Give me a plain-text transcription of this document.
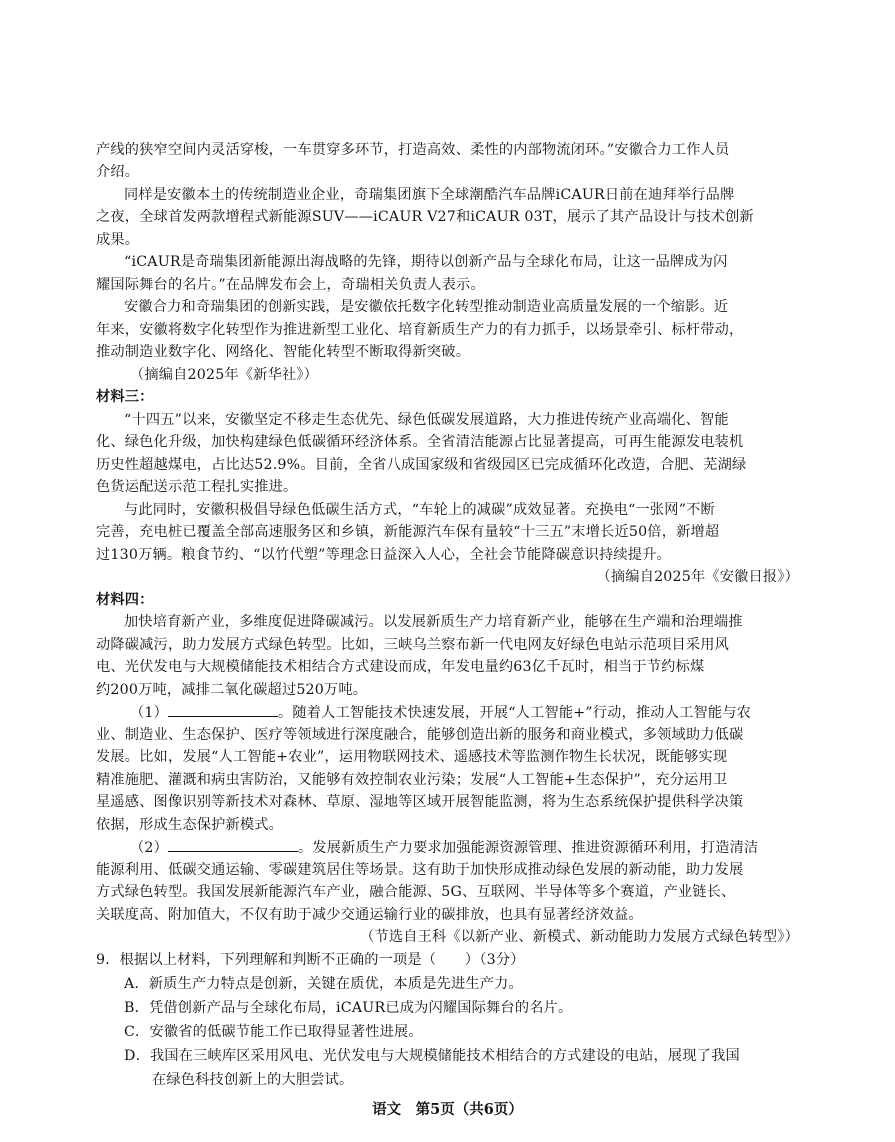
产线的狭窄空间内灵活穿梭，一车贯穿多环节，打造高效、柔性的内部物流闭环。”安徽合力工作人员
介绍。
同样是安徽本土的传统制造业企业，奇瑞集团旗下全球潮酷汽车品牌iCAUR日前在迪拜举行品牌
之夜，全球首发两款增程式新能源SUV——iCAUR V27和iCAUR 03T，展示了其产品设计与技术创新
成果。
“iCAUR是奇瑞集团新能源出海战略的先锋，期待以创新产品与全球化布局，让这一品牌成为闪
耀国际舞台的名片。”在品牌发布会上，奇瑞相关负责人表示。
安徽合力和奇瑞集团的创新实践，是安徽依托数字化转型推动制造业高质量发展的一个缩影。近
年来，安徽将数字化转型作为推进新型工业化、培育新质生产力的有力抓手，以场景牵引、标杆带动，
推动制造业数字化、网络化、智能化转型不断取得新突破。
（摘编自2025年《新华社》）
材料三：
“十四五”以来，安徽坚定不移走生态优先、绿色低碳发展道路，大力推进传统产业高端化、智能
化、绿色化升级，加快构建绿色低碳循环经济体系。全省清洁能源占比显著提高，可再生能源发电装机
历史性超越煤电，占比达52.9%。目前，全省八成国家级和省级园区已完成循环化改造，合肥、芜湖绿
色货运配送示范工程扎实推进。
与此同时，安徽积极倡导绿色低碳生活方式，“车轮上的减碳”成效显著。充换电“一张网”不断
完善，充电桩已覆盖全部高速服务区和乡镇，新能源汽车保有量较“十三五”末增长近50倍，新增超
过130万辆。粮食节约、“以竹代塑”等理念日益深入人心，全社会节能降碳意识持续提升。
（摘编自2025年《安徽日报》）
材料四：
加快培育新产业，多维度促进降碳减污。以发展新质生产力培育新产业，能够在生产端和治理端推
动降碳减污，助力发展方式绿色转型。比如，三峡乌兰察布新一代电网友好绿色电站示范项目采用风
电、光伏发电与大规模储能技术相结合方式建设而成，年发电量约63亿千瓦时，相当于节约标煤
约200万吨，减排二氧化碳超过520万吨。
（1）	。随着人工智能技术快速发展，开展“人工智能+”行动，推动人工智能与农
业、制造业、生态保护、医疗等领域进行深度融合，能够创造出新的服务和商业模式，多领域助力低碳
发展。比如，发展“人工智能+农业”，运用物联网技术、遥感技术等监测作物生长状况，既能够实现
精准施肥、灌溉和病虫害防治，又能够有效控制农业污染；发展“人工智能+生态保护”，充分运用卫
星遥感、图像识别等新技术对森林、草原、湿地等区域开展智能监测，将为生态系统保护提供科学决策
依据，形成生态保护新模式。
（2）	。发展新质生产力要求加强能源资源管理、推进资源循环利用，打造清洁
能源利用、低碳交通运输、零碳建筑居住等场景。这有助于加快形成推动绿色发展的新动能，助力发展
方式绿色转型。我国发展新能源汽车产业，融合能源、5G、互联网、半导体等多个赛道，产业链长、
关联度高、附加值大，不仅有助于减少交通运输行业的碳排放，也具有显著经济效益。
（节选自王科《以新产业、新模式、新动能助力发展方式绿色转型》）
9．根据以上材料，下列理解和判断不正确的一项是（　　）（3分）
A．新质生产力特点是创新，关键在质优，本质是先进生产力。
B．凭借创新产品与全球化布局，iCAUR已成为闪耀国际舞台的名片。
C．安徽省的低碳节能工作已取得显著性进展。
D．我国在三峡库区采用风电、光伏发电与大规模储能技术相结合的方式建设的电站，展现了我国
在绿色科技创新上的大胆尝试。
语文　第5页（共6页）
